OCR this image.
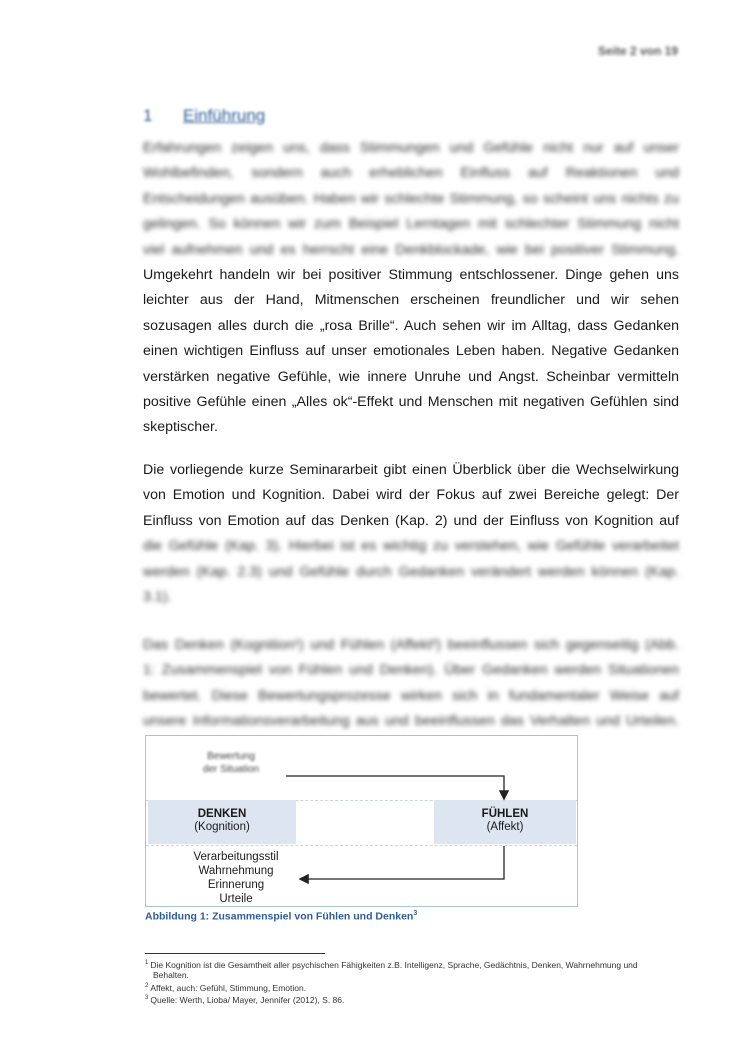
Seite 2 von 19
1 Einführung
Erfahrungen zeigen uns, dass Stimmungen und Gefühle nicht nur auf unser
Wohlbefinden, sondern auch erheblichen Einfluss auf Reaktionen und
Entscheidungen ausüben. Haben wir schlechte Stimmung, so scheint uns nichts zu
gelingen. So können wir zum Beispiel Lerntagen mit schlechter Stimmung nicht
viel aufnehmen und es herrscht eine Denkblockade, wie bei positiver Stimmung.
Umgekehrt handeln wir bei positiver Stimmung entschlossener. Dinge gehen uns
leichter aus der Hand, Mitmenschen erscheinen freundlicher und wir sehen
sozusagen alles durch die „rosa Brille“. Auch sehen wir im Alltag, dass Gedanken
einen wichtigen Einfluss auf unser emotionales Leben haben. Negative Gedanken
verstärken negative Gefühle, wie innere Unruhe und Angst. Scheinbar vermitteln
positive Gefühle einen „Alles ok“-Effekt und Menschen mit negativen Gefühlen sind
skeptischer.
Die vorliegende kurze Seminararbeit gibt einen Überblick über die Wechselwirkung
von Emotion und Kognition. Dabei wird der Fokus auf zwei Bereiche gelegt: Der
Einfluss von Emotion auf das Denken (Kap. 2) und der Einfluss von Kognition auf
die Gefühle (Kap. 3). Hierbei ist es wichtig zu verstehen, wie Gefühle verarbeitet
werden (Kap. 2.3) und Gefühle durch Gedanken verändert werden können (Kap.
3.1).
Das Denken (Kognition¹) und Fühlen (Affekt²) beeinflussen sich gegenseitig (Abb.
1: Zusammenspiel von Fühlen und Denken). Über Gedanken werden Situationen
bewertet. Diese Bewertungsprozesse wirken sich in fundamentaler Weise auf
unsere Informationsverarbeitung aus und beeinflussen das Verhalten und Urteilen.
DENKEN
(Kognition)
FÜHLEN
(Affekt)
Bewertung
der Situation
Verarbeitungsstil
Wahrnehmung
Erinnerung
Urteile
Abbildung 1: Zusammenspiel von Fühlen und Denken$^3$
$^1$ Die Kognition ist die Gesamtheit aller psychischen Fähigkeiten z.B. Intelligenz, Sprache, Gedächtnis, Denken, Wahrnehmung und Behalten.
$^2$ Affekt, auch: Gefühl, Stimmung, Emotion.
$^3$ Quelle: Werth, Lioba/ Mayer, Jennifer (2012), S. 86.
